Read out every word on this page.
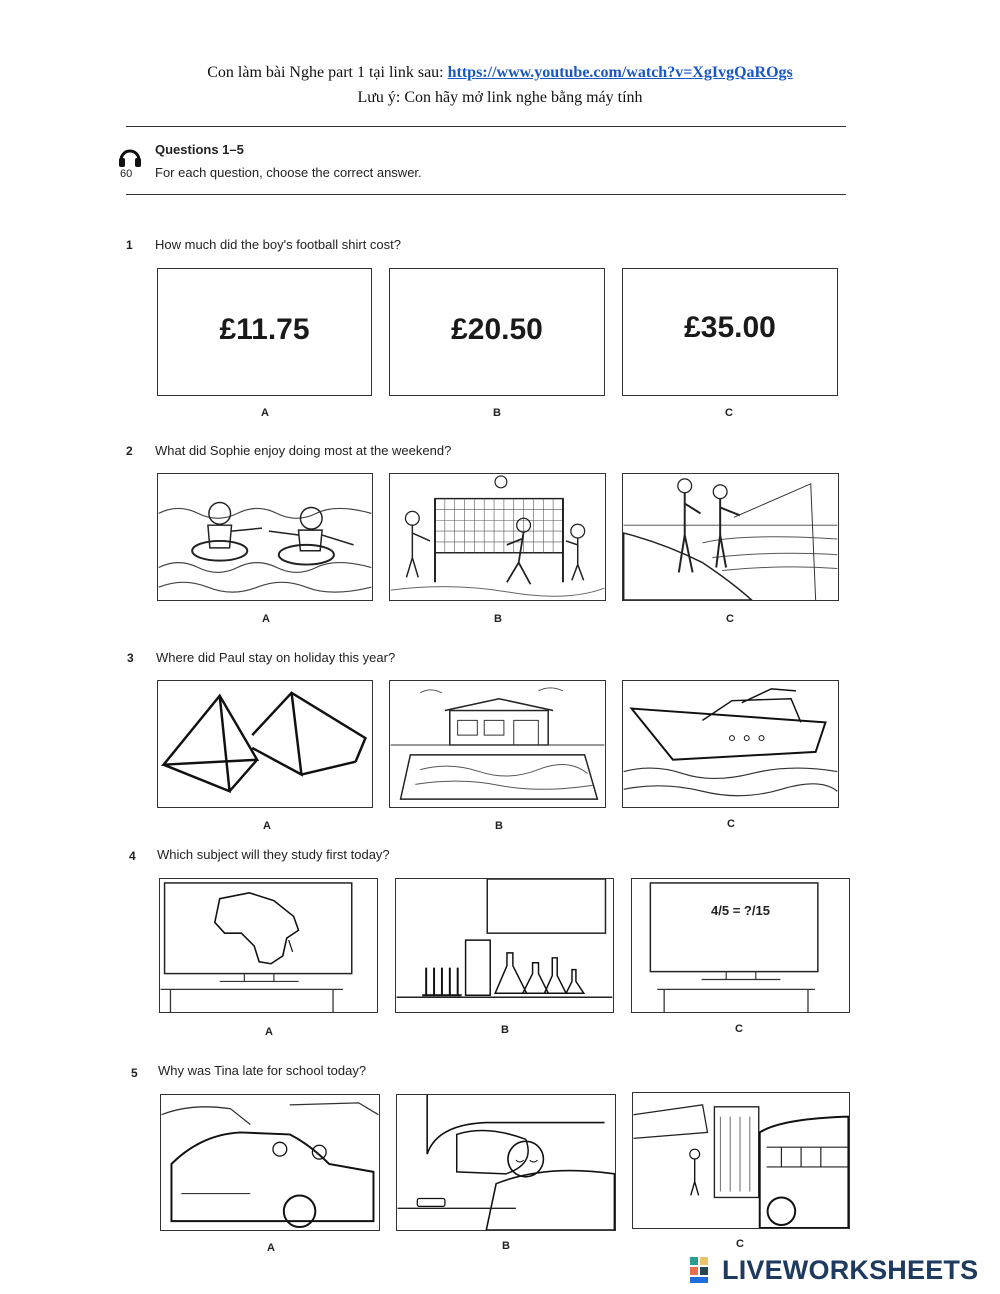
Con làm bài Nghe part 1 tại link sau: https://www.youtube.com/watch?v=XgIvgQaROgs
Lưu ý: Con hãy mở link nghe bằng máy tính
60
Questions 1–5
For each question, choose the correct answer.
1 How much did the boy's football shirt cost?
£11.75	£20.50	£35.00
A	B	C
2 What did Sophie enjoy doing most at the weekend?
A	B	C
3 Where did Paul stay on holiday this year?
A	B	C
4 Which subject will they study first today?
4/5 = ?/15
A	B	C
5 Why was Tina late for school today?
A	B	C
LIVEWORKSHEETS
